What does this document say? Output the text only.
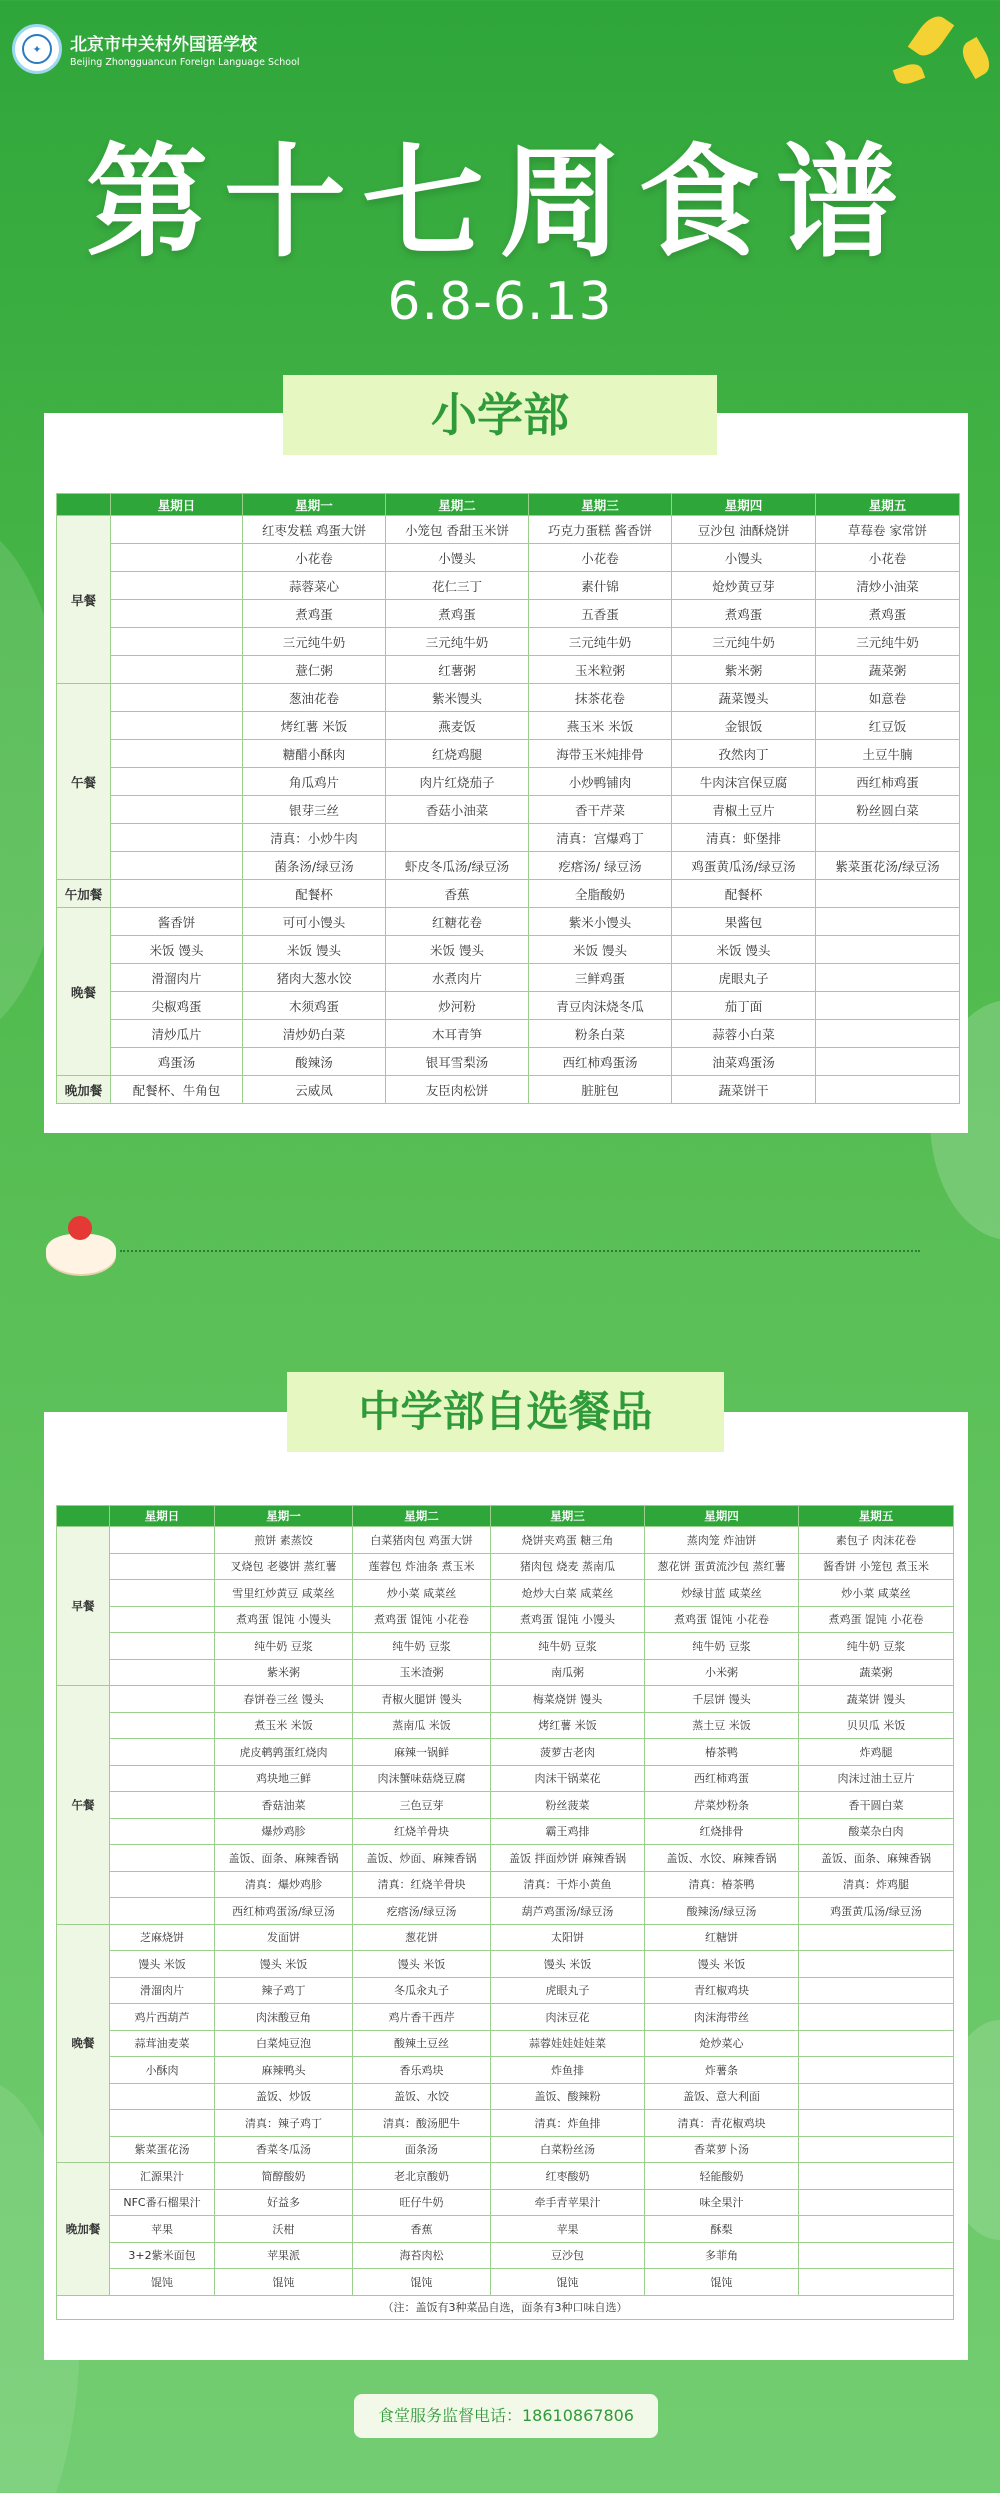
✦	北京市中关村外国语学校
Beijing Zhongguancun Foreign Language School
第十七周食谱
6.8-6.13
小学部
	星期日	星期一	星期二	星期三	星期四	星期五
早餐		红枣发糕 鸡蛋大饼	小笼包 香甜玉米饼	巧克力蛋糕 酱香饼	豆沙包 油酥烧饼	草莓卷 家常饼
		小花卷	小馒头	小花卷	小馒头	小花卷
		蒜蓉菜心	花仁三丁	素什锦	炝炒黄豆芽	清炒小油菜
		煮鸡蛋	煮鸡蛋	五香蛋	煮鸡蛋	煮鸡蛋
		三元纯牛奶	三元纯牛奶	三元纯牛奶	三元纯牛奶	三元纯牛奶
		薏仁粥	红薯粥	玉米粒粥	紫米粥	蔬菜粥
午餐		葱油花卷	紫米馒头	抹茶花卷	蔬菜馒头	如意卷
		烤红薯 米饭	燕麦饭	燕玉米 米饭	金银饭	红豆饭
		糖醋小酥肉	红烧鸡腿	海带玉米炖排骨	孜然肉丁	土豆牛腩
		角瓜鸡片	肉片红烧茄子	小炒鸭铺肉	牛肉沫宫保豆腐	西红柿鸡蛋
		银芽三丝	香菇小油菜	香干芹菜	青椒土豆片	粉丝圆白菜
		清真：小炒牛肉		清真：宫爆鸡丁	清真：虾堡排	
		菌条汤/绿豆汤	虾皮冬瓜汤/绿豆汤	疙瘩汤/ 绿豆汤	鸡蛋黄瓜汤/绿豆汤	紫菜蛋花汤/绿豆汤
午加餐		配餐杯	香蕉	全脂酸奶	配餐杯	
晚餐	酱香饼	可可小馒头	红糖花卷	紫米小馒头	果酱包	
	米饭 馒头	米饭 馒头	米饭 馒头	米饭 馒头	米饭 馒头	
	滑溜肉片	猪肉大葱水饺	水煮肉片	三鲜鸡蛋	虎眼丸子	
	尖椒鸡蛋	木须鸡蛋	炒河粉	青豆肉沫烧冬瓜	茄丁面	
	清炒瓜片	清炒奶白菜	木耳青笋	粉条白菜	蒜蓉小白菜	
	鸡蛋汤	酸辣汤	银耳雪梨汤	西红柿鸡蛋汤	油菜鸡蛋汤	
晚加餐	配餐杯、牛角包	云威凤	友臣肉松饼	脏脏包	蔬菜饼干	
中学部自选餐品
	星期日	星期一	星期二	星期三	星期四	星期五
早餐		煎饼 素蒸饺	白菜猪肉包 鸡蛋大饼	烧饼夹鸡蛋 糖三角	蒸肉笼 炸油饼	素包子 肉沫花卷
		叉烧包 老婆饼 蒸红薯	莲蓉包 炸油条 煮玉米	猪肉包 烧麦 蒸南瓜	葱花饼 蛋黄流沙包 蒸红薯	酱香饼 小笼包 煮玉米
		雪里红炒黄豆 咸菜丝	炒小菜 咸菜丝	炝炒大白菜 咸菜丝	炒绿甘蓝 咸菜丝	炒小菜 咸菜丝
		煮鸡蛋 馄饨 小馒头	煮鸡蛋 馄饨 小花卷	煮鸡蛋 馄饨 小馒头	煮鸡蛋 馄饨 小花卷	煮鸡蛋 馄饨 小花卷
		纯牛奶 豆浆	纯牛奶 豆浆	纯牛奶 豆浆	纯牛奶 豆浆	纯牛奶 豆浆
		紫米粥	玉米渣粥	南瓜粥	小米粥	蔬菜粥
午餐		春饼卷三丝 馒头	青椒火腿饼 馒头	梅菜烧饼 馒头	千层饼 馒头	蔬菜饼 馒头
		煮玉米 米饭	蒸南瓜 米饭	烤红薯 米饭	蒸土豆 米饭	贝贝瓜 米饭
		虎皮鹌鹑蛋红烧肉	麻辣一锅鲜	菠萝古老肉	椿茶鸭	炸鸡腿
		鸡块地三鲜	肉沫蟹味菇烧豆腐	肉沫干锅菜花	西红柿鸡蛋	肉沫过油土豆片
		香菇油菜	三色豆芽	粉丝菠菜	芹菜炒粉条	香干圆白菜
		爆炒鸡胗	红烧羊骨块	霸王鸡排	红烧排骨	酸菜杂白肉
		盖饭、面条、麻辣香锅	盖饭、炒面、麻辣香锅	盖饭 拌面炒饼 麻辣香锅	盖饭、水饺、麻辣香锅	盖饭、面条、麻辣香锅
		清真：爆炒鸡胗	清真：红烧羊骨块	清真：干炸小黄鱼	清真：椿茶鸭	清真：炸鸡腿
		西红柿鸡蛋汤/绿豆汤	疙瘩汤/绿豆汤	葫芦鸡蛋汤/绿豆汤	酸辣汤/绿豆汤	鸡蛋黄瓜汤/绿豆汤
晚餐	芝麻烧饼	发面饼	葱花饼	太阳饼	红糖饼	
	馒头 米饭	馒头 米饭	馒头 米饭	馒头 米饭	馒头 米饭	
	滑溜肉片	辣子鸡丁	冬瓜汆丸子	虎眼丸子	青红椒鸡块	
	鸡片西葫芦	肉沫酸豆角	鸡片香干西芹	肉沫豆花	肉沫海带丝	
	蒜茸油麦菜	白菜炖豆泡	酸辣土豆丝	蒜蓉娃娃娃娃菜	炝炒菜心	
	小酥肉	麻辣鸭头	香乐鸡块	炸鱼排	炸薯条	
		盖饭、炒饭	盖饭、水饺	盖饭、酸辣粉	盖饭、意大利面	
		清真：辣子鸡丁	清真：酸汤肥牛	清真：炸鱼排	清真：青花椒鸡块	
	紫菜蛋花汤	香菜冬瓜汤	面条汤	白菜粉丝汤	香菜萝卜汤	
晚加餐	汇源果汁	简醇酸奶	老北京酸奶	红枣酸奶	轻能酸奶	
	NFC番石榴果汁	好益多	旺仔牛奶	牵手青苹果汁	味全果汁	
	苹果	沃柑	香蕉	苹果	酥梨	
	3+2紫米面包	苹果派	海苔肉松	豆沙包	多菲角	
	馄饨	馄饨	馄饨	馄饨	馄饨	
（注：盖饭有3种菜品自选，面条有3种口味自选）						
食堂服务监督电话：18610867806
